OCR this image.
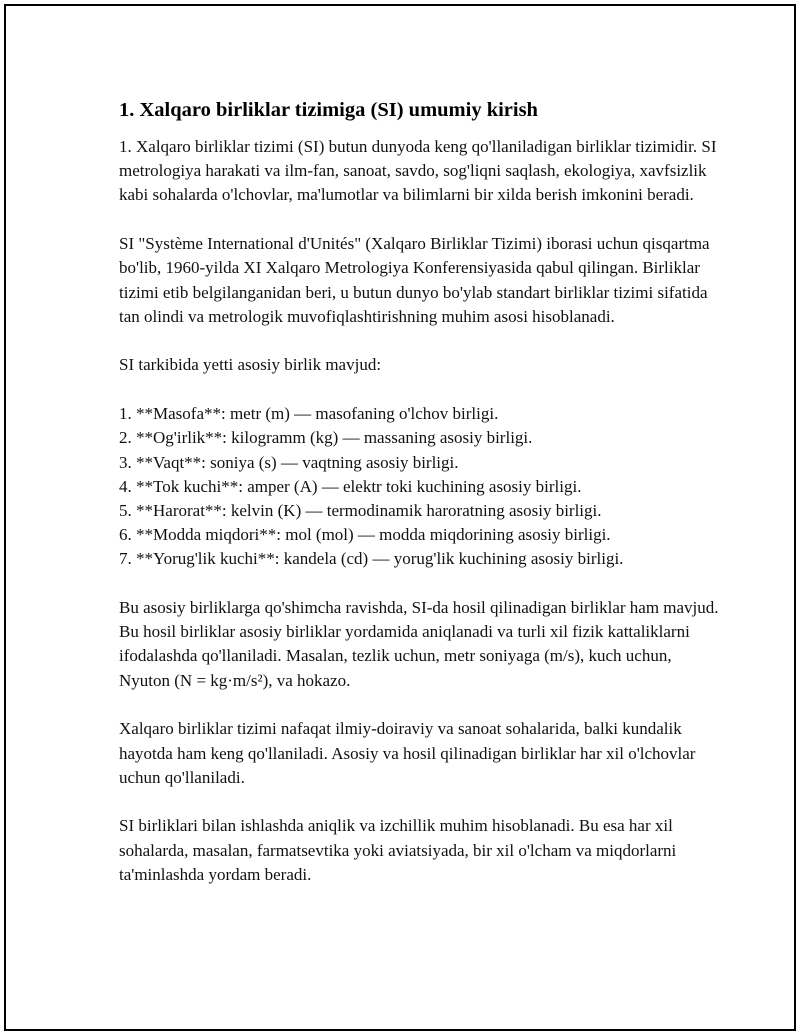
1. Xalqaro birliklar tizimiga (SI) umumiy kirish

1. Xalqaro birliklar tizimi (SI) butun dunyoda keng qo'llaniladigan birliklar tizimidir. SI metrologiya harakati va ilm-fan, sanoat, savdo, sog'liqni saqlash, ekologiya, xavfsizlik kabi sohalarda o'lchovlar, ma'lumotlar va bilimlarni bir xilda berish imkonini beradi.

SI "Système International d'Unités" (Xalqaro Birliklar Tizimi) iborasi uchun qisqartma bo'lib, 1960-yilda XI Xalqaro Metrologiya Konferensiyasida qabul qilingan. Birliklar tizimi etib belgilanganidan beri, u butun dunyo bo'ylab standart birliklar tizimi sifatida tan olindi va metrologik muvofiqlashtirishning muhim asosi hisoblanadi.

SI tarkibida yetti asosiy birlik mavjud:

1. **Masofa**: metr (m) — masofaning o'lchov birligi.
2. **Og'irlik**: kilogramm (kg) — massaning asosiy birligi.
3. **Vaqt**: soniya (s) — vaqtning asosiy birligi.
4. **Tok kuchi**: amper (A) — elektr toki kuchining asosiy birligi.
5. **Harorat**: kelvin (K) — termodinamik haroratning asosiy birligi.
6. **Modda miqdori**: mol (mol) — modda miqdorining asosiy birligi.
7. **Yorug'lik kuchi**: kandela (cd) — yorug'lik kuchining asosiy birligi.

Bu asosiy birliklarga qo'shimcha ravishda, SI-da hosil qilinadigan birliklar ham mavjud. Bu hosil birliklar asosiy birliklar yordamida aniqlanadi va turli xil fizik kattaliklarni ifodalashda qo'llaniladi. Masalan, tezlik uchun, metr soniyaga (m/s), kuch uchun, Nyuton (N = kg·m/s²), va hokazo.

Xalqaro birliklar tizimi nafaqat ilmiy-doiraviy va sanoat sohalarida, balki kundalik hayotda ham keng qo'llaniladi. Asosiy va hosil qilinadigan birliklar har xil o'lchovlar uchun qo'llaniladi.

SI birliklari bilan ishlashda aniqlik va izchillik muhim hisoblanadi. Bu esa har xil sohalarda, masalan, farmatsevtika yoki aviatsiyada, bir xil o'lcham va miqdorlarni ta'minlashda yordam beradi.
